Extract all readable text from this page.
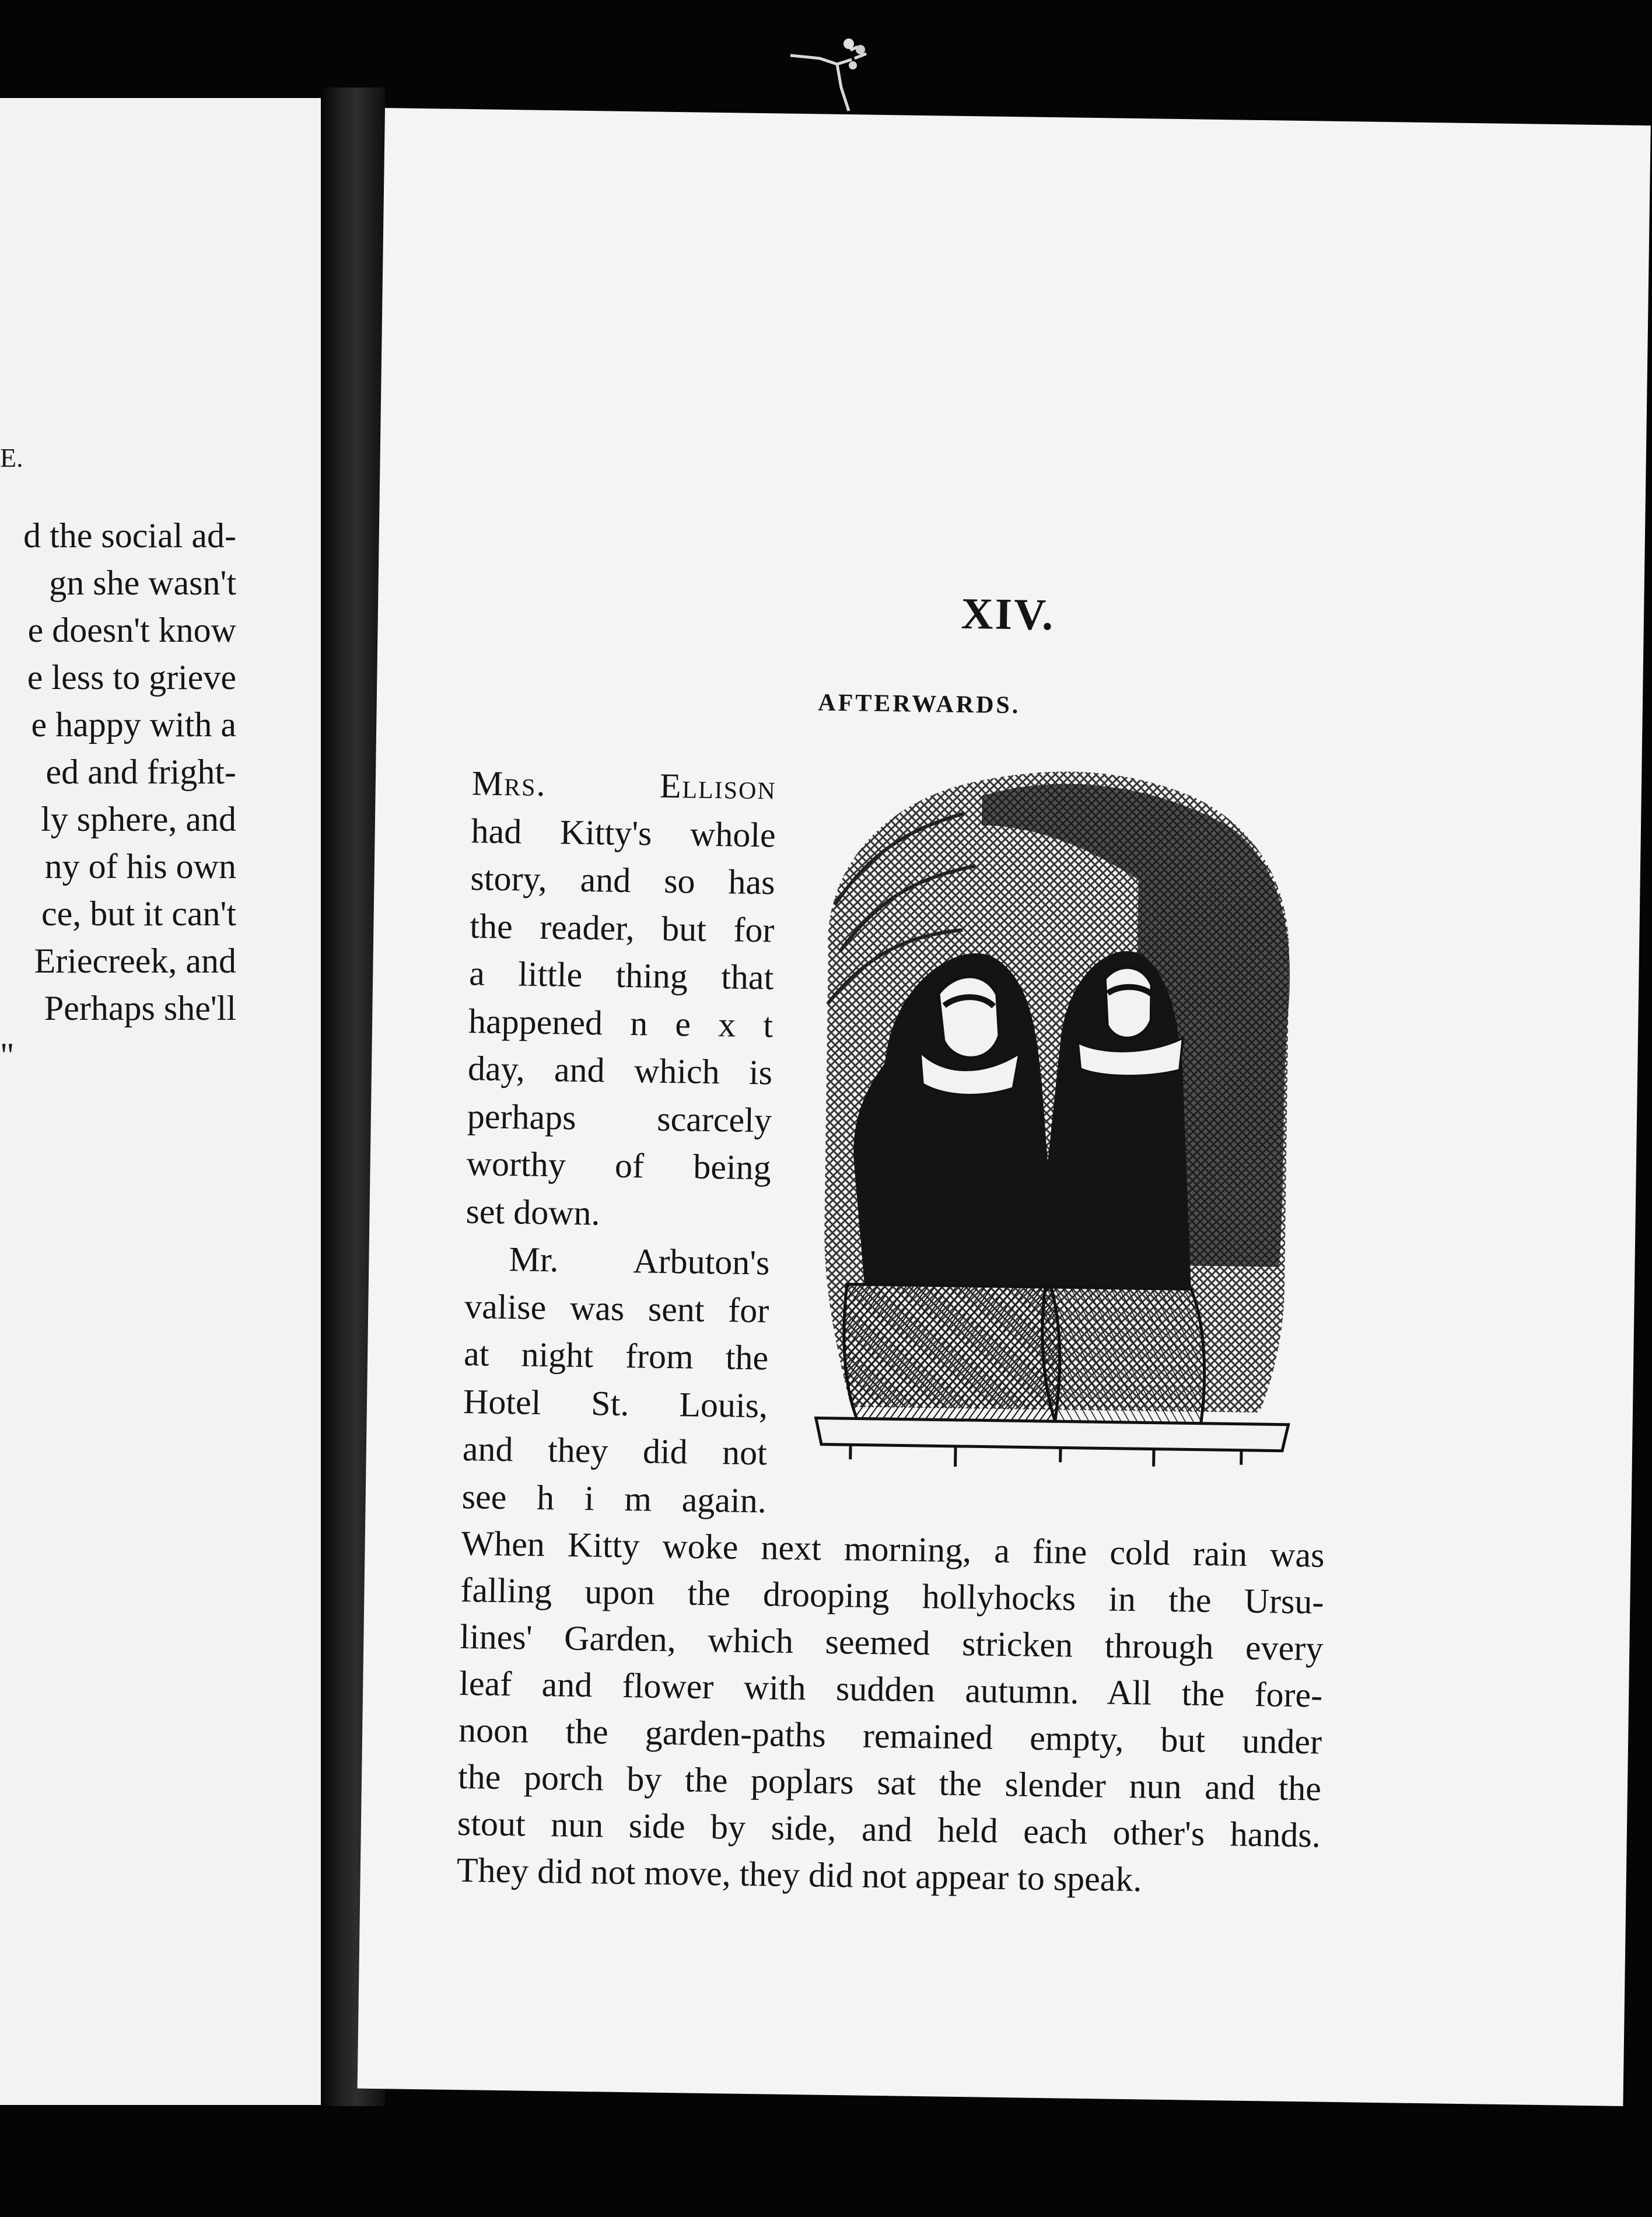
E.
d the social ad-
gn she wasn't
e doesn't know
e less to grieve
e happy with a
ed and fright-
ly sphere, and
ny of his own
ce, but it can't
Eriecreek, and
Perhaps she'll
"
XIV.
AFTERWARDS.
Mrs. Ellison
had Kitty's whole
story, and so has
the reader, but for
a little thing that
happened n e x t
day, and which is
perhaps scarcely
worthy of being
set down.
Mr. Arbuton's
valise was sent for
at night from the
Hotel St. Louis,
and they did not
see h i m again.
When Kitty woke next morning, a fine cold rain was
falling upon the drooping hollyhocks in the Ursu-
lines' Garden, which seemed stricken through every
leaf and flower with sudden autumn. All the fore-
noon the garden-paths remained empty, but under
the porch by the poplars sat the slender nun and the
stout nun side by side, and held each other's hands.
They did not move, they did not appear to speak.
